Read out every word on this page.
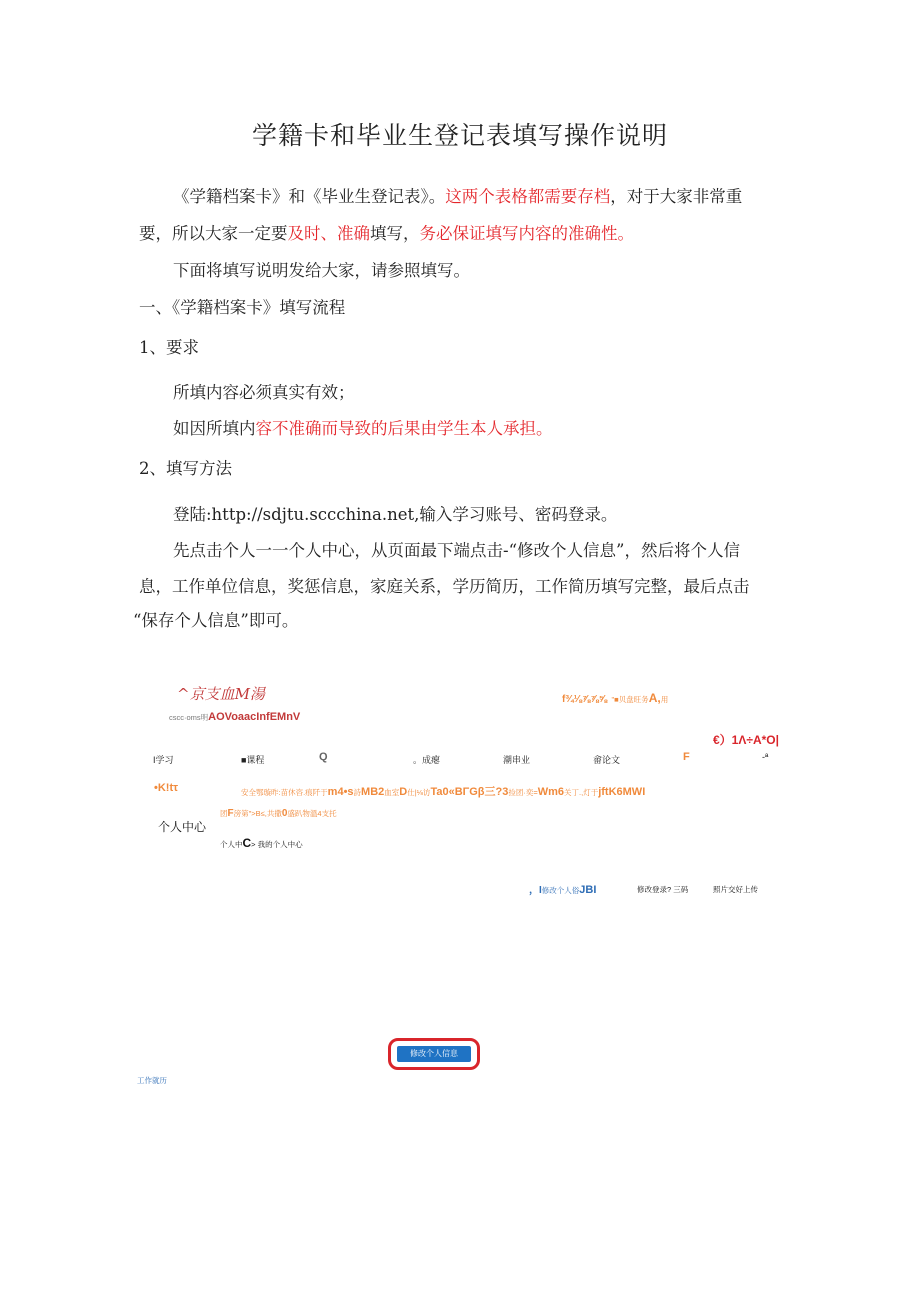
学籍卡和毕业生登记表填写操作说明
《学籍档案卡》和《毕业生登记表》。这两个表格都需要存档，对于大家非常重
要，所以大家一定要及时、准确填写，务必保证填写内容的准确性。
下面将填写说明发给大家，请参照填写。
一、《学籍档案卡》填写流程
1、要求
所填内容必须真实有效；
如因所填内容不准确而导致的后果由学生本人承担。
2、填写方法
登陆:http://sdjtu.sccchina.net,输入学习账号、密码登录。
先点击个人一一个人中心，从页面最下端点击-“修改个人信息”，然后将个人信
息，工作单位信息，奖惩信息，家庭关系，学历简历，工作简历填写完整，最后点击
“保存个人信息”即可。
^京支血M湯
cscc·oms明AOVoaacInfEMnV
f¾⅛⅞⅞⅝ "■贝盘旺务A,用
€）1Λ÷A*O|
I学习	■课程	Q	。成瘪	潮串业	畲论文	F	-ª
•K!tτ	安全鄂璇昨:苗休咨.痕阡于m4•s詩MB2血室D仕|⅛访Ta0«BΓGβ三?3捡团·奕=Wm6关丁.,灯于jftK6MWI
团F滂第">B≤,共撒0盛趴物溫4支托
个人中心
个人中C> 我的个人中心
，I修改个人俗JBI	修改登录? 三码	照片交好上传
修改个人信息
工作就历
